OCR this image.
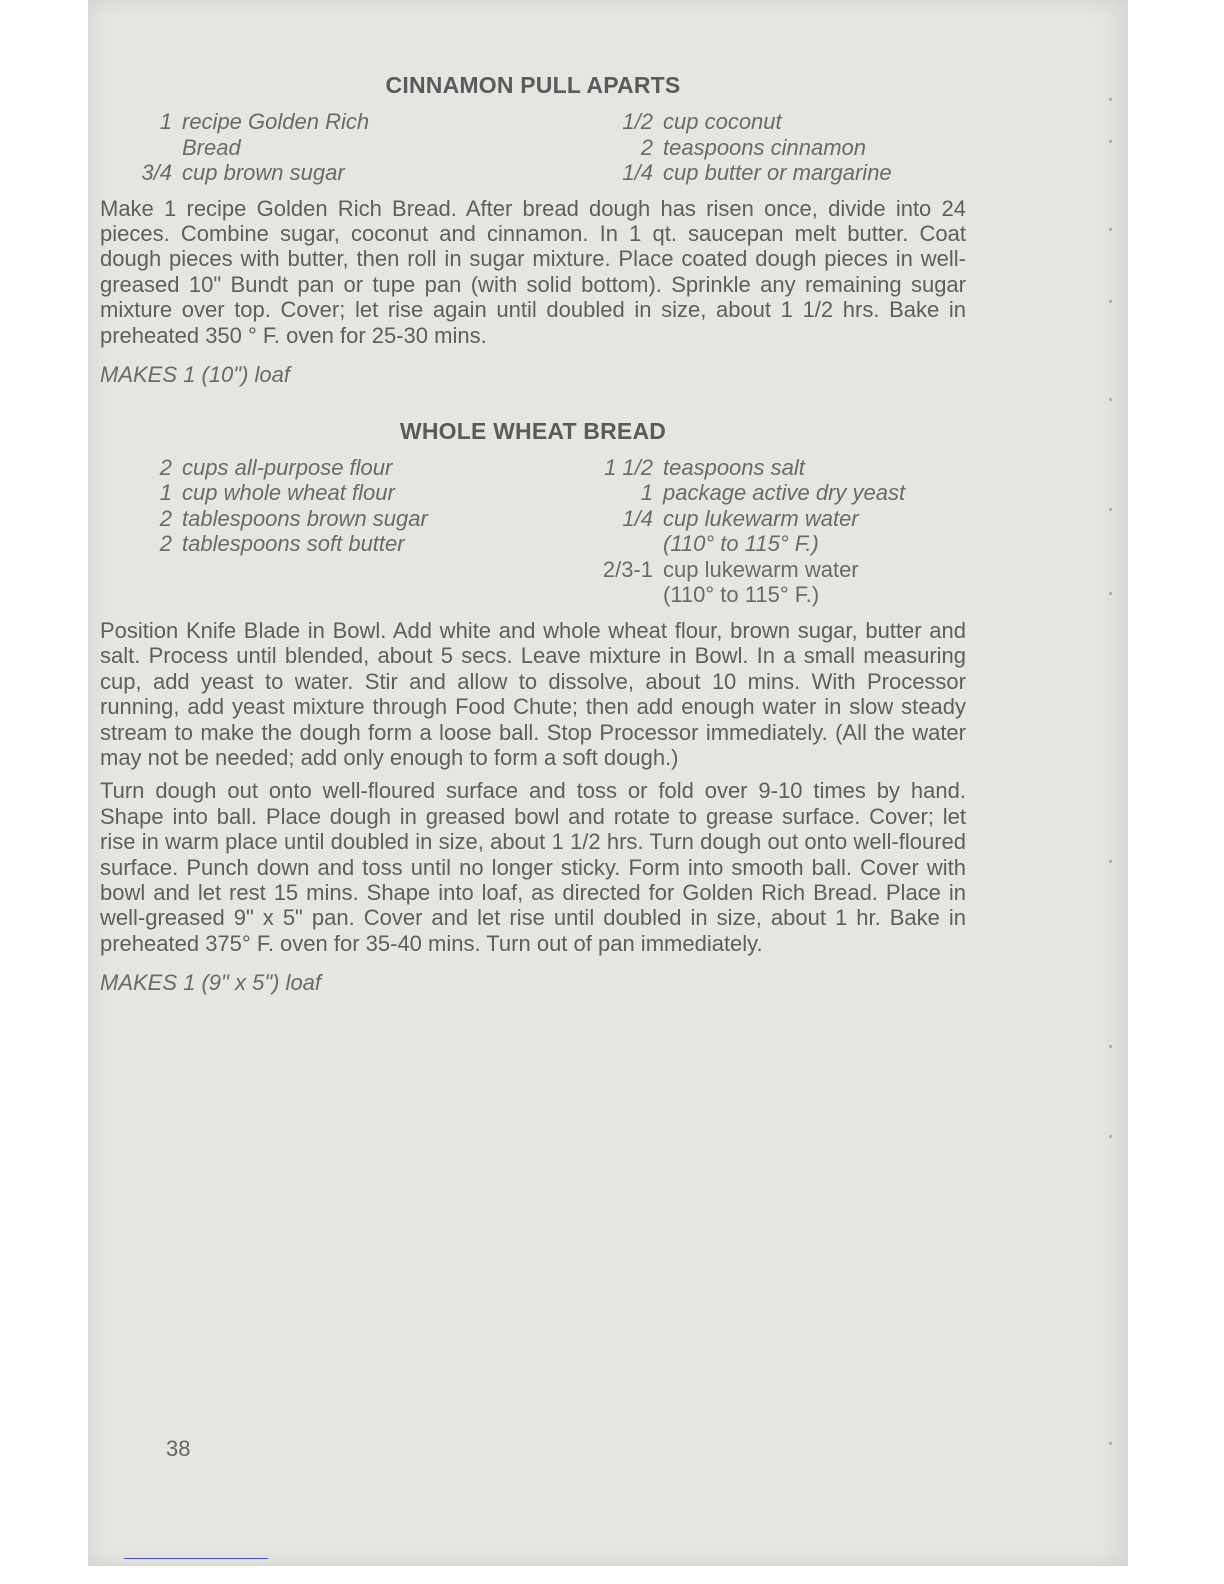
CINNAMON PULL APARTS
1 recipe Golden Rich Bread
3/4 cup brown sugar
1/2 cup coconut
2 teaspoons cinnamon
1/4 cup butter or margarine

Make 1 recipe Golden Rich Bread. After bread dough has risen once, divide into 24 pieces. Combine sugar, coconut and cinnamon. In 1 qt. saucepan melt butter. Coat dough pieces with butter, then roll in sugar mixture. Place coated dough pieces in well-greased 10" Bundt pan or tupe pan (with solid bottom). Sprinkle any remaining sugar mixture over top. Cover; let rise again until doubled in size, about 1 1/2 hrs. Bake in preheated 350 ° F. oven for 25-30 mins.

MAKES 1 (10") loaf
WHOLE WHEAT BREAD
2 cups all-purpose flour
1 cup whole wheat flour
2 tablespoons brown sugar
2 tablespoons soft butter
1 1/2 teaspoons salt
1 package active dry yeast
1/4 cup lukewarm water (110° to 115° F.)
2/3-1 cup lukewarm water (110° to 115° F.)

Position Knife Blade in Bowl. Add white and whole wheat flour, brown sugar, butter and salt. Process until blended, about 5 secs. Leave mixture in Bowl. In a small measuring cup, add yeast to water. Stir and allow to dissolve, about 10 mins. With Processor running, add yeast mixture through Food Chute; then add enough water in slow steady stream to make the dough form a loose ball. Stop Processor immediately. (All the water may not be needed; add only enough to form a soft dough.)

Turn dough out onto well-floured surface and toss or fold over 9-10 times by hand. Shape into ball. Place dough in greased bowl and rotate to grease surface. Cover; let rise in warm place until doubled in size, about 1 1/2 hrs. Turn dough out onto well-floured surface. Punch down and toss until no longer sticky. Form into smooth ball. Cover with bowl and let rest 15 mins. Shape into loaf, as directed for Golden Rich Bread. Place in well-greased 9" x 5" pan. Cover and let rise until doubled in size, about 1 hr. Bake in preheated 375° F. oven for 35-40 mins. Turn out of pan immediately.

MAKES 1 (9" x 5") loaf
38
